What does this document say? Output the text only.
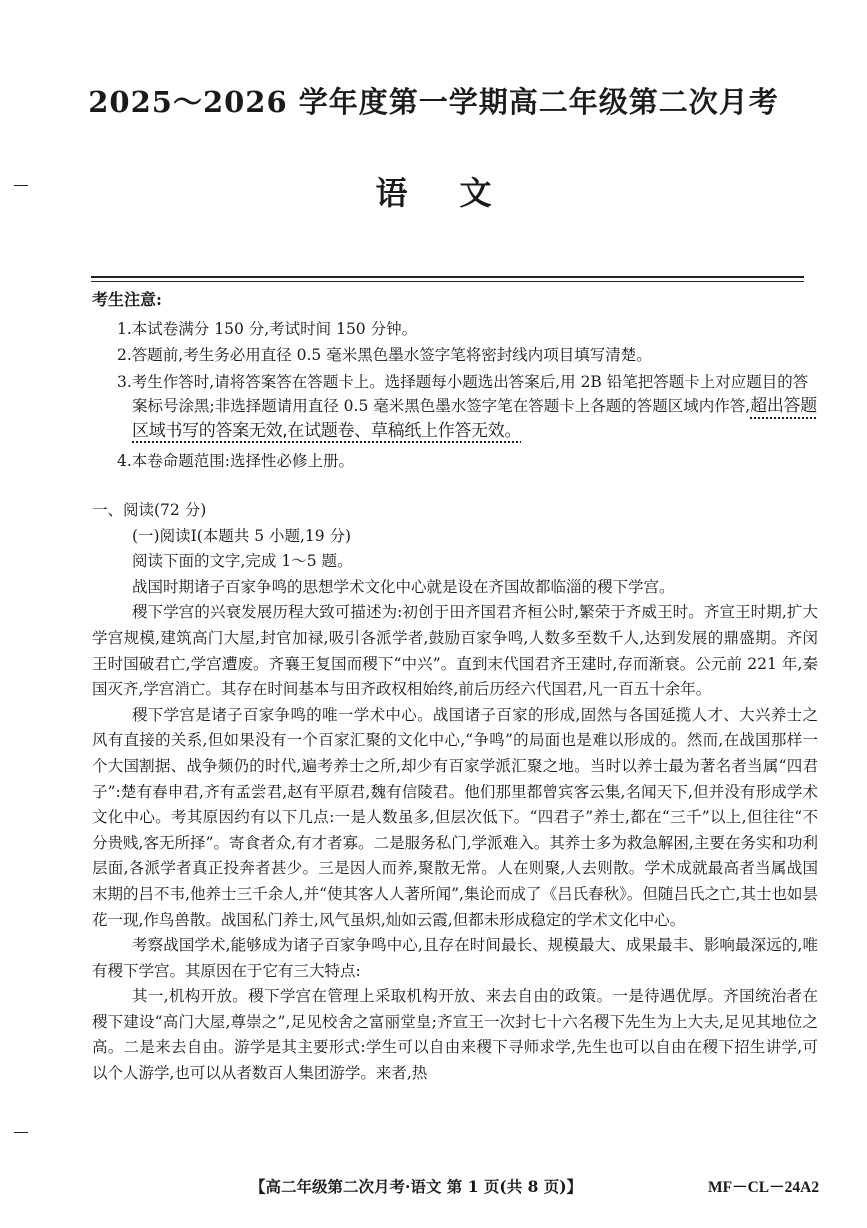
2025～2026 学年度第一学期高二年级第二次月考
语文
考生注意:

1.本试卷满分 150 分,考试时间 150 分钟。

2.答题前,考生务必用直径 0.5 毫米黑色墨水签字笔将密封线内项目填写清楚。

3.考生作答时,请将答案答在答题卡上。选择题每小题选出答案后,用 2B 铅笔把答题卡上对应题目的答案标号涂黑;非选择题请用直径 0.5 毫米黑色墨水签字笔在答题卡上各题的答题区域内作答,超出答题区域书写的答案无效,在试题卷、草稿纸上作答无效。

4.本卷命题范围:选择性必修上册。

一、阅读(72 分)

(一)阅读Ⅰ(本题共 5 小题,19 分)

阅读下面的文字,完成 1～5 题。

战国时期诸子百家争鸣的思想学术文化中心就是设在齐国故都临淄的稷下学宫。

稷下学宫的兴衰发展历程大致可描述为:初创于田齐国君齐桓公时,繁荣于齐威王时。齐宣王时期,扩大学宫规模,建筑高门大屋,封官加禄,吸引各派学者,鼓励百家争鸣,人数多至数千人,达到发展的鼎盛期。齐闵王时国破君亡,学宫遭废。齐襄王复国而稷下“中兴”。直到末代国君齐王建时,存而渐衰。公元前 221 年,秦国灭齐,学宫消亡。其存在时间基本与田齐政权相始终,前后历经六代国君,凡一百五十余年。

稷下学宫是诸子百家争鸣的唯一学术中心。战国诸子百家的形成,固然与各国延揽人才、大兴养士之风有直接的关系,但如果没有一个百家汇聚的文化中心,“争鸣”的局面也是难以形成的。然而,在战国那样一个大国割据、战争频仍的时代,遍考养士之所,却少有百家学派汇聚之地。当时以养士最为著名者当属“四君子”:楚有春申君,齐有孟尝君,赵有平原君,魏有信陵君。他们那里都曾宾客云集,名闻天下,但并没有形成学术文化中心。考其原因约有以下几点:一是人数虽多,但层次低下。“四君子”养士,都在“三千”以上,但往往“不分贵贱,客无所择”。寄食者众,有才者寡。二是服务私门,学派难入。其养士多为救急解困,主要在务实和功利层面,各派学者真正投奔者甚少。三是因人而养,聚散无常。人在则聚,人去则散。学术成就最高者当属战国末期的吕不韦,他养士三千余人,并“使其客人人著所闻”,集论而成了《吕氏春秋》。但随吕氏之亡,其士也如昙花一现,作鸟兽散。战国私门养士,风气虽炽,灿如云霞,但都未形成稳定的学术文化中心。

考察战国学术,能够成为诸子百家争鸣中心,且存在时间最长、规模最大、成果最丰、影响最深远的,唯有稷下学宫。其原因在于它有三大特点:

其一,机构开放。稷下学宫在管理上采取机构开放、来去自由的政策。一是待遇优厚。齐国统治者在稷下建设“高门大屋,尊崇之”,足见校舍之富丽堂皇;齐宣王一次封七十六名稷下先生为上大夫,足见其地位之高。二是来去自由。游学是其主要形式:学生可以自由来稷下寻师求学,先生也可以自由在稷下招生讲学,可以个人游学,也可以从者数百人集团游学。来者,热

【高二年级第二次月考·语文 第 1 页(共 8 页)】	MF－CL－24A2
